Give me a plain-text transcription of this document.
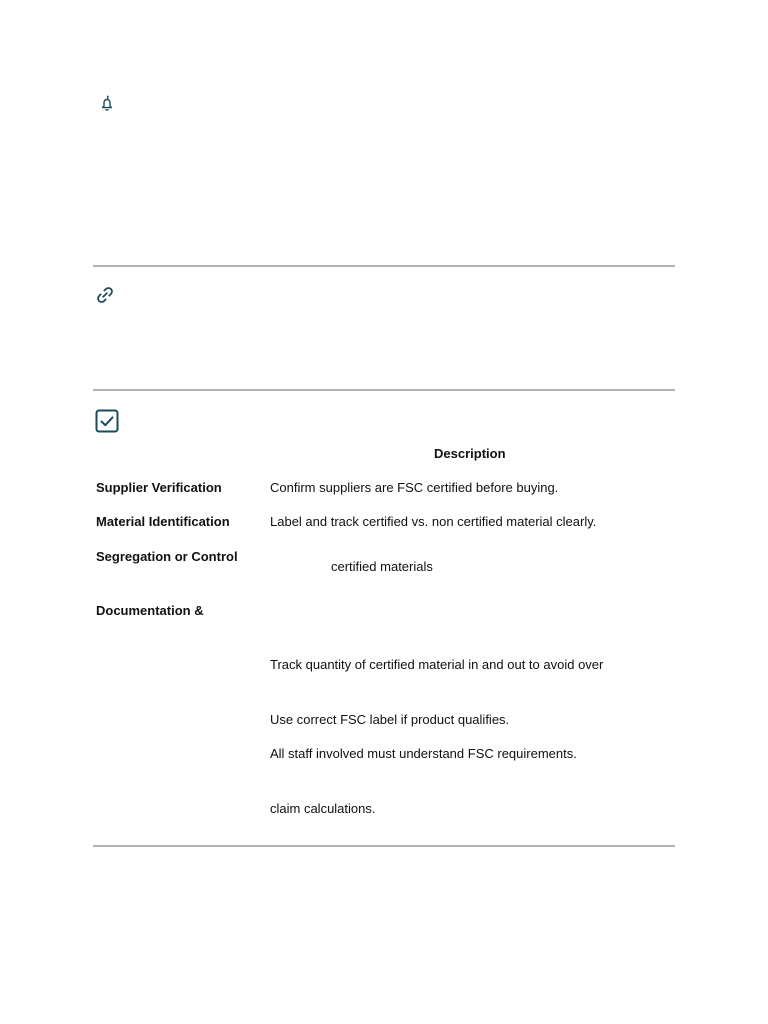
Description
Supplier Verification	Confirm suppliers are FSC certified before buying.
Material Identification	Label and track certified vs. non certified material clearly.
Segregation or Control
certified materials
Documentation &
Track quantity of certified material in and out to avoid over
Use correct FSC label if product qualifies.
All staff involved must understand FSC requirements.
claim calculations.
